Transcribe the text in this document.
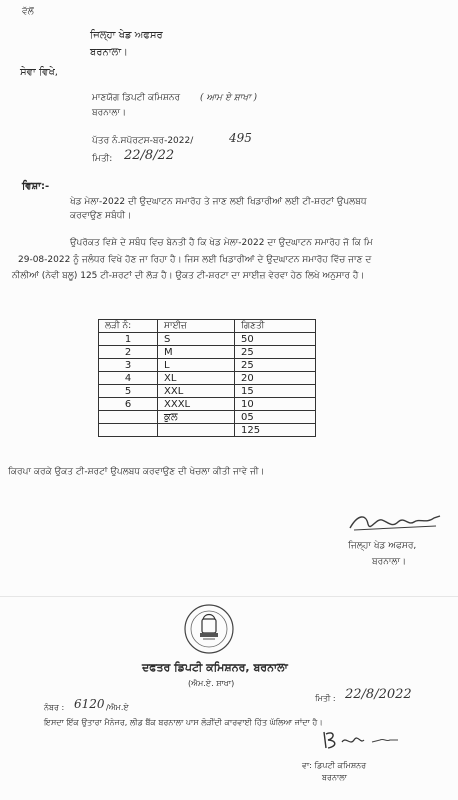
ਵੱਲੋਂ
ਜਿਲ੍ਹਾ ਖੇਡ ਅਫਸਰ
ਬਰਨਾਲਾ।
ਸੇਵਾ ਵਿਖੇ,
ਮਾਣਯੋਗ ਡਿਪਟੀ ਕਮਿਸ਼ਨਰ ( ਆਮ ਏ ਸ਼ਾਖਾ )
ਬਰਨਾਲਾ।
ਪੱਤਰ ਨੰ.ਸਪੋਰਟਸ-ਬਰ-2022/	495
ਮਿਤੀ: 22/8/22
ਵਿਸ਼ਾ:-
ਖੇਡ ਮੇਲਾ-2022 ਦੀ ਉਦਘਾਟਨ ਸਮਾਰੋਹ ਤੇ ਜਾਣ ਲਈ ਖਿਡਾਰੀਆਂ ਲਈ ਟੀ-ਸ਼ਰਟਾਂ ਉਪਲਬਧ
ਕਰਵਾਉਣ ਸਬੰਧੀ।
ਉਪਰੋਕਤ ਵਿਸ਼ੇ ਦੇ ਸਬੰਧ ਵਿਚ ਬੇਨਤੀ ਹੈ ਕਿ ਖੇਡ ਮੇਲਾ-2022 ਦਾ ਉਦਘਾਟਨ ਸਮਾਰੋਹ ਜੋ ਕਿ ਮਿ
29-08-2022 ਨੂੰ ਜਲੰਧਰ ਵਿਖੇ ਹੋਣ ਜਾ ਰਿਹਾ ਹੈ। ਜਿਸ ਲਈ ਖਿਡਾਰੀਆਂ ਦੇ ਉਦਘਾਟਨ ਸਮਾਰੋਹ ਵਿੱਚ ਜਾਣ ਦ
ਨੀਲੀਆਂ (ਨੇਵੀ ਬਲੂ) 125 ਟੀ-ਸ਼ਰਟਾਂ ਦੀ ਲੋੜ ਹੈ। ਉਕਤ ਟੀ-ਸ਼ਰਟਾ ਦਾ ਸਾਈਜ਼ ਵੇਰਵਾ ਹੇਠ ਲਿਖੇ ਅਨੁਸਾਰ ਹੈ।
ਲੜੀ ਨੰ:	ਸਾਈਜ਼	ਗਿਣਤੀ
1	S	50
2	M	25
3	L	25
4	XL	20
5	XXL	15
6	XXXL	10
	ਕੁਲ	05
		125
ਕਿਰਪਾ ਕਰਕੇ ਉਕਤ ਟੀ-ਸ਼ਰਟਾਂ ਉਪਲਬਧ ਕਰਵਾਉਣ ਦੀ ਖੇਚਲਾ ਕੀਤੀ ਜਾਵੇ ਜੀ।
ਜਿਲ੍ਹਾ ਖੇਡ ਅਫਸਰ,
ਬਰਨਾਲਾ।
ਦਫਤਰ ਡਿਪਟੀ ਕਮਿਸ਼ਨਰ, ਬਰਨਾਲਾ
(ਐਮ.ਏ. ਸ਼ਾਖਾ)
ਮਿਤੀ : 22/8/2022
ਨੰਬਰ : 6120 /ਐਮ.ਏ
ਇਸਦਾ ਇੱਕ ਉਤਾਰਾ ਮੈਨੇਜਰ, ਲੀਡ ਬੈਂਕ ਬਰਨਾਲਾ ਪਾਸ ਲੋੜੀਂਦੀ ਕਾਰਵਾਈ ਹਿੱਤ ਘੱਲਿਆ ਜਾਂਦਾ ਹੈ।
ਵਾ: ਡਿਪਟੀ ਕਮਿਸ਼ਨਰ
ਬਰਨਾਲਾ
